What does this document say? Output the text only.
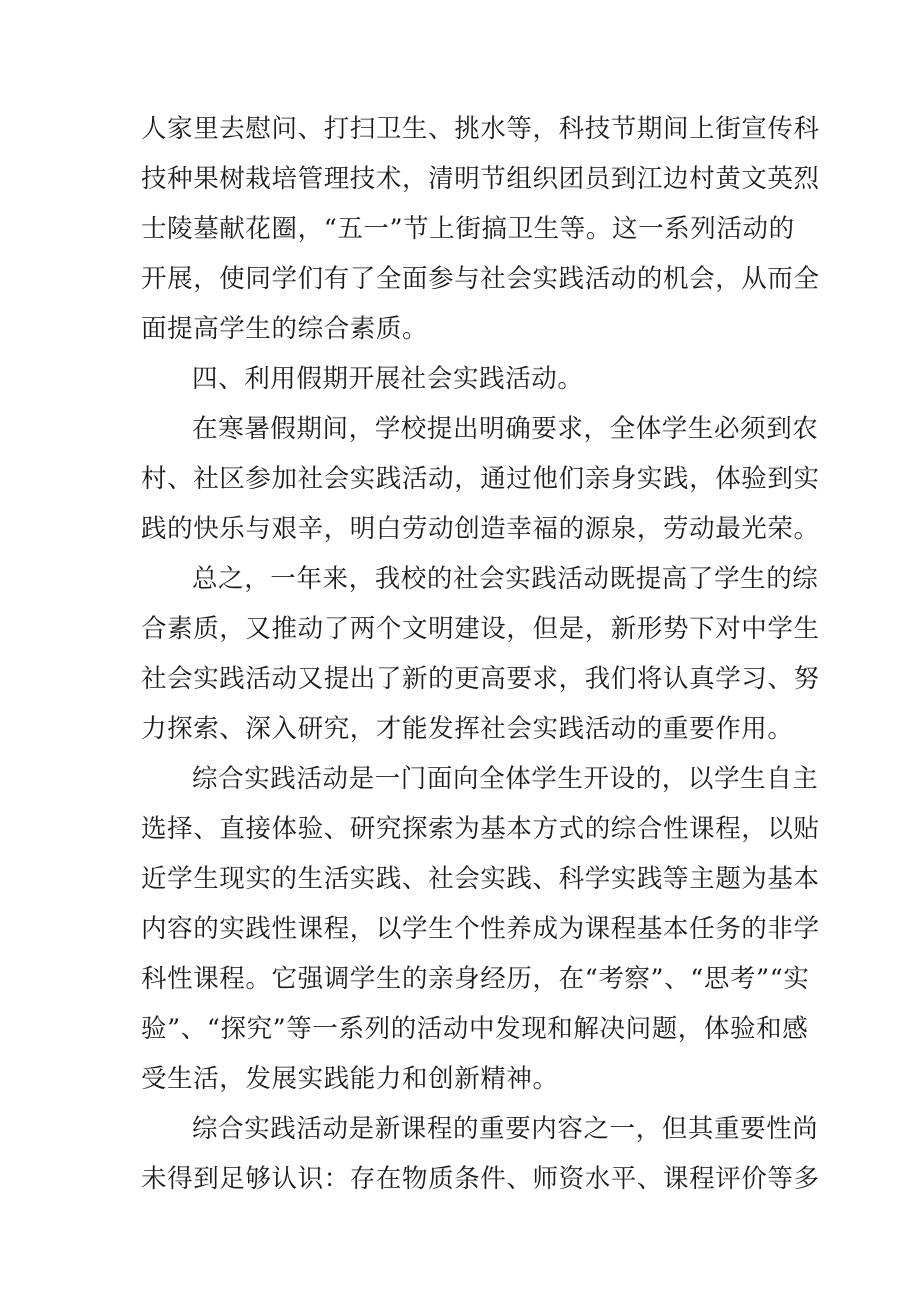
人家里去慰问、打扫卫生、挑水等，科技节期间上街宣传科
技种果树栽培管理技术，清明节组织团员到江边村黄文英烈
士陵墓献花圈，“五一”节上街搞卫生等。这一系列活动的
开展，使同学们有了全面参与社会实践活动的机会，从而全
面提高学生的综合素质。
四、利用假期开展社会实践活动。
在寒暑假期间，学校提出明确要求，全体学生必须到农
村、社区参加社会实践活动，通过他们亲身实践，体验到实
践的快乐与艰辛，明白劳动创造幸福的源泉，劳动最光荣。
总之，一年来，我校的社会实践活动既提高了学生的综
合素质，又推动了两个文明建设，但是，新形势下对中学生
社会实践活动又提出了新的更高要求，我们将认真学习、努
力探索、深入研究，才能发挥社会实践活动的重要作用。
综合实践活动是一门面向全体学生开设的，以学生自主
选择、直接体验、研究探索为基本方式的综合性课程，以贴
近学生现实的生活实践、社会实践、科学实践等主题为基本
内容的实践性课程，以学生个性养成为课程基本任务的非学
科性课程。它强调学生的亲身经历，在“考察”、“思考”“实
验”、“探究”等一系列的活动中发现和解决问题，体验和感
受生活，发展实践能力和创新精神。
综合实践活动是新课程的重要内容之一，但其重要性尚
未得到足够认识：存在物质条件、师资水平、课程评价等多
